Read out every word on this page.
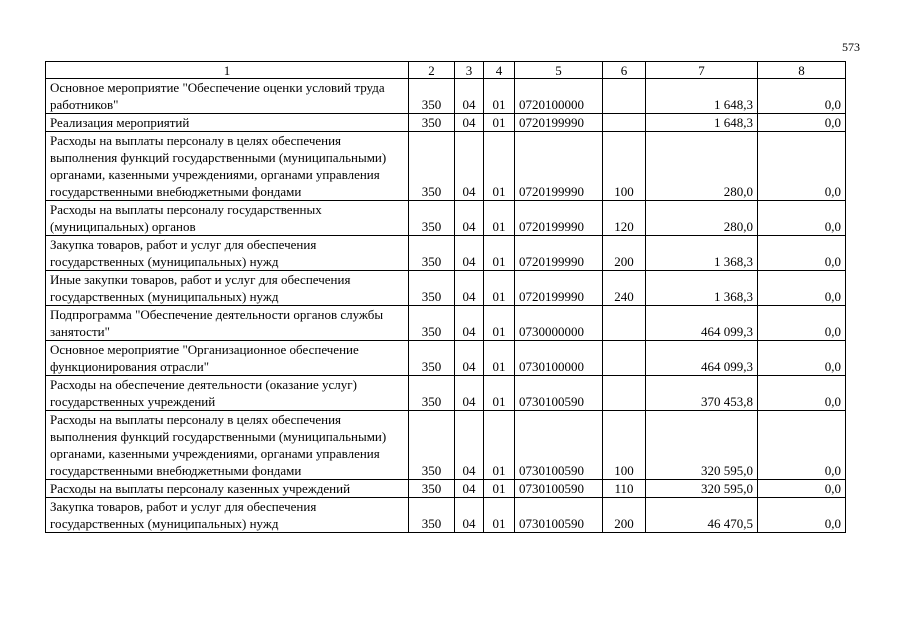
573
1	2	3	4	5	6	7	8
Основное мероприятие "Обеспечение оценки условий труда работников"	350	04	01	0720100000		1 648,3	0,0
Реализация мероприятий	350	04	01	0720199990		1 648,3	0,0
Расходы на выплаты персоналу в целях обеспечения выполнения функций государственными (муниципальными) органами, казенными учреждениями, органами управления государственными внебюджетными фондами	350	04	01	0720199990	100	280,0	0,0
Расходы на выплаты персоналу государственных (муниципальных) органов	350	04	01	0720199990	120	280,0	0,0
Закупка товаров, работ и услуг для обеспечения государственных (муниципальных) нужд	350	04	01	0720199990	200	1 368,3	0,0
Иные закупки товаров, работ и услуг для обеспечения государственных (муниципальных) нужд	350	04	01	0720199990	240	1 368,3	0,0
Подпрограмма "Обеспечение деятельности органов службы занятости"	350	04	01	0730000000		464 099,3	0,0
Основное мероприятие "Организационное обеспечение функционирования отрасли"	350	04	01	0730100000		464 099,3	0,0
Расходы на обеспечение деятельности (оказание услуг) государственных учреждений	350	04	01	0730100590		370 453,8	0,0
Расходы на выплаты персоналу в целях обеспечения выполнения функций государственными (муниципальными) органами, казенными учреждениями, органами управления государственными внебюджетными фондами	350	04	01	0730100590	100	320 595,0	0,0
Расходы на выплаты персоналу казенных учреждений	350	04	01	0730100590	110	320 595,0	0,0
Закупка товаров, работ и услуг для обеспечения государственных (муниципальных) нужд	350	04	01	0730100590	200	46 470,5	0,0
